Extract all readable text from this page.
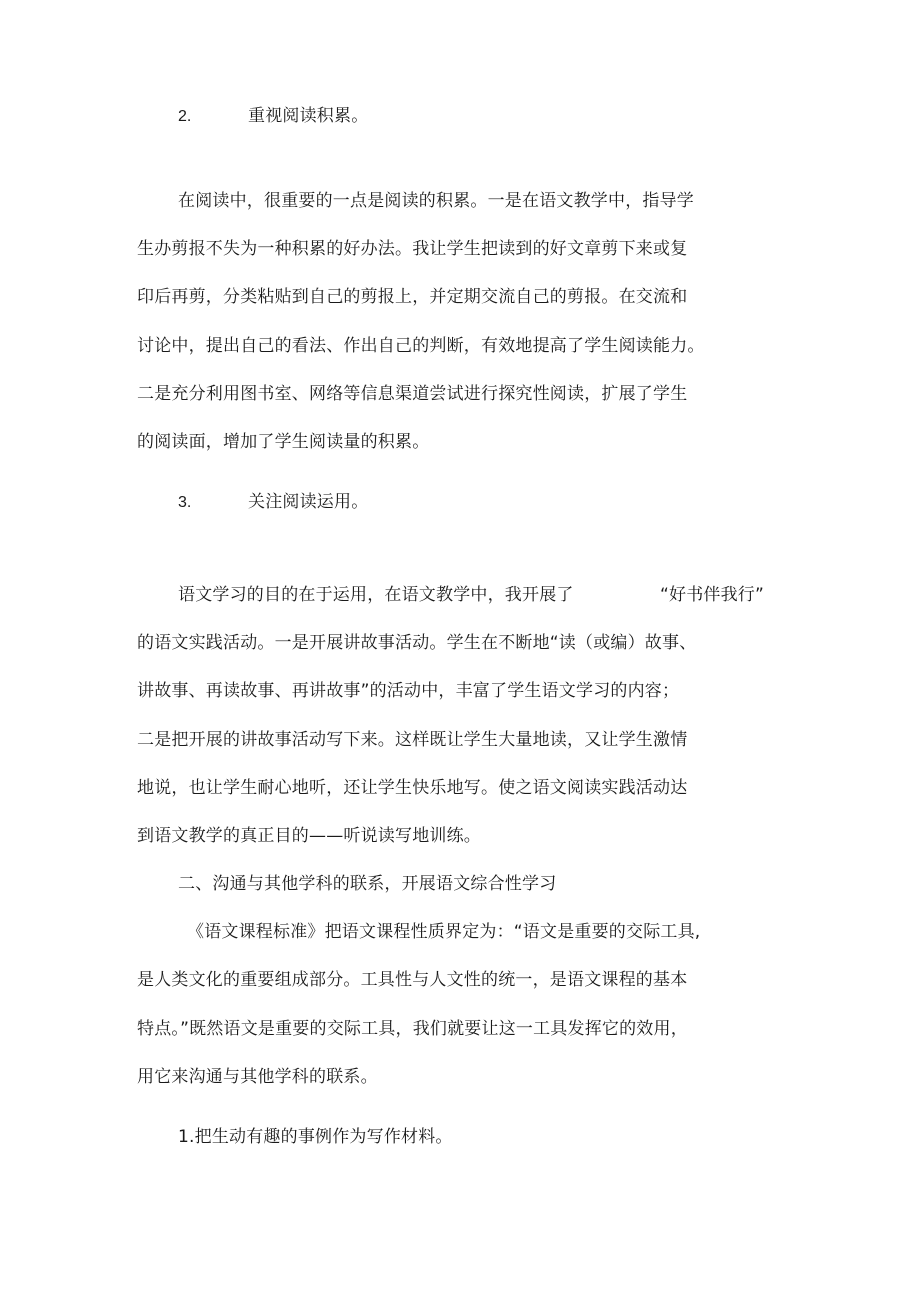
2.	重视阅读积累。
在阅读中，很重要的一点是阅读的积累。一是在语文教学中，指导学
生办剪报不失为一种积累的好办法。我让学生把读到的好文章剪下来或复
印后再剪，分类粘贴到自己的剪报上，并定期交流自己的剪报。在交流和
讨论中，提出自己的看法、作出自己的判断，有效地提高了学生阅读能力。
二是充分利用图书室、网络等信息渠道尝试进行探究性阅读，扩展了学生
的阅读面，增加了学生阅读量的积累。
3.	关注阅读运用。
语文学习的目的在于运用，在语文教学中，我开展了	“好书伴我行”
的语文实践活动。一是开展讲故事活动。学生在不断地“读（或编）故事、
讲故事、再读故事、再讲故事”的活动中，丰富了学生语文学习的内容；
二是把开展的讲故事活动写下来。这样既让学生大量地读，又让学生激情
地说，也让学生耐心地听，还让学生快乐地写。使之语文阅读实践活动达
到语文教学的真正目的——听说读写地训练。
二、沟通与其他学科的联系，开展语文综合性学习
《语文课程标准》把语文课程性质界定为：“语文是重要的交际工具,
是人类文化的重要组成部分。工具性与人文性的统一，是语文课程的基本
特点。”既然语文是重要的交际工具，我们就要让这一工具发挥它的效用，
用它来沟通与其他学科的联系。
1.把生动有趣的事例作为写作材料。
